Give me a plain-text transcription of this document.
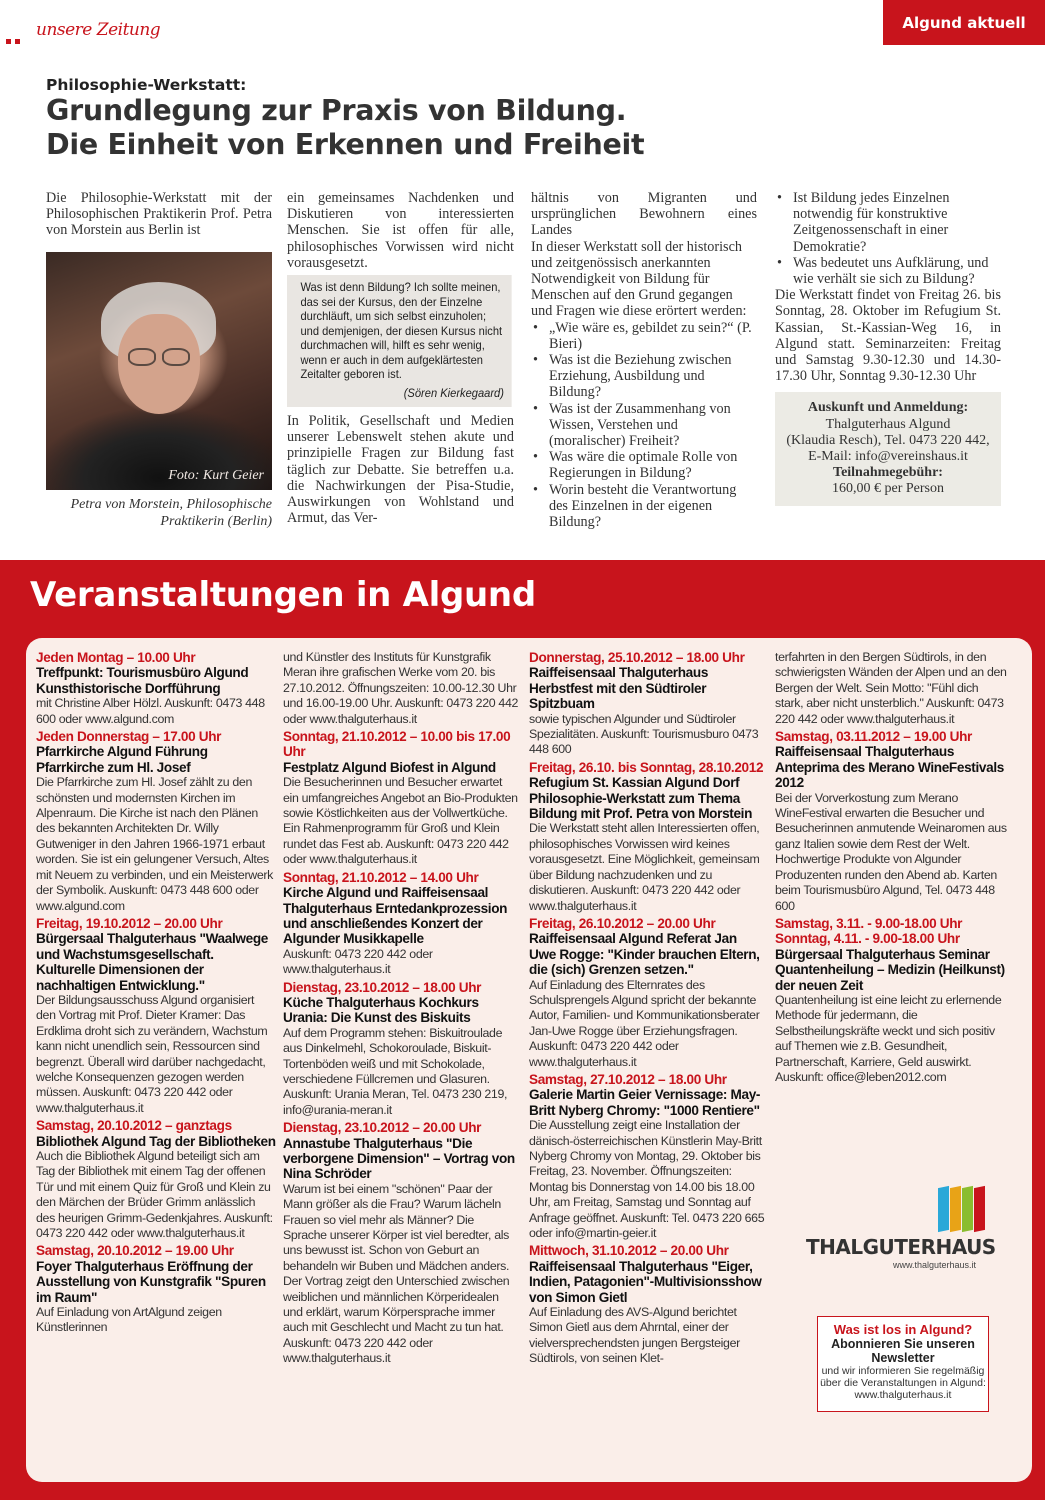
unsere Zeitung	Algund aktuell
Philosophie-Werkstatt:
Grundlegung zur Praxis von Bildung.
Die Einheit von Erkennen und Freiheit

Die Philosophie-Werkstatt mit der Philosophischen Praktikerin Prof. Petra von Morstein aus Berlin ist

Foto: Kurt Geier
Petra von Morstein, Philosophische Praktikerin (Berlin)

ein gemeinsames Nachdenken und Diskutieren von interessierten Menschen. Sie ist offen für alle, philosophisches Vorwissen wird nicht vorausgesetzt.

Was ist denn Bildung? Ich sollte meinen, das sei der Kursus, den der Einzelne durchläuft, um sich selbst einzuholen; und demjenigen, der diesen Kursus nicht durchmachen will, hilft es sehr wenig, wenn er auch in dem aufgeklärtesten Zeitalter geboren ist.
(Sören Kierkegaard)

In Politik, Gesellschaft und Medien unserer Lebenswelt stehen akute und prinzipielle Fragen zur Bildung fast täglich zur Debatte. Sie betreffen u.a. die Nachwirkungen der Pisa-Studie, Auswirkungen von Wohlstand und Armut, das Ver-

hältnis von Migranten und ursprünglichen Bewohnern eines Landes

In dieser Werkstatt soll der historisch und zeitgenössisch anerkannten Notwendigkeit von Bildung für Menschen auf den Grund gegangen und Fragen wie diese erörtert werden:

• „Wie wäre es, gebildet zu sein?“ (P. Bieri)
• Was ist die Beziehung zwischen Erziehung, Ausbildung und Bildung?
• Was ist der Zusammenhang von Wissen, Verstehen und (moralischer) Freiheit?
• Was wäre die optimale Rolle von Regierungen in Bildung?
• Worin besteht die Verantwortung des Einzelnen in der eigenen Bildung?
• Ist Bildung jedes Einzelnen notwendig für konstruktive Zeitgenossenschaft in einer Demokratie?
• Was bedeutet uns Aufklärung, und wie verhält sie sich zu Bildung?

Die Werkstatt findet von Freitag 26. bis Sonntag, 28. Oktober im Refugium St. Kassian, St.-Kassian-Weg 16, in Algund statt. Seminarzeiten: Freitag und Samstag 9.30-12.30 und 14.30-17.30 Uhr, Sonntag 9.30-12.30 Uhr

Auskunft und Anmeldung:
Thalguterhaus Algund
(Klaudia Resch), Tel. 0473 220 442,
E-Mail: info@vereinshaus.it
Teilnahmegebühr:
160,00 € per Person
Veranstaltungen in Algund
Jeden Montag – 10.00 Uhr
Treffpunkt: Tourismusbüro Algund Kunsthistorische Dorfführung
mit Christine Alber Hölzl. Auskunft: 0473 448 600 oder www.algund.com
Jeden Donnerstag – 17.00 Uhr
Pfarrkirche Algund Führung Pfarrkirche zum Hl. Josef
Die Pfarrkirche zum Hl. Josef zählt zu den schönsten und modernsten Kirchen im Alpenraum. Die Kirche ist nach den Plänen des bekannten Architekten Dr. Willy Gutweniger in den Jahren 1966-1971 erbaut worden. Sie ist ein gelungener Versuch, Altes mit Neuem zu verbinden, und ein Meisterwerk der Symbolik. Auskunft: 0473 448 600 oder www.algund.com
Freitag, 19.10.2012 – 20.00 Uhr
Bürgersaal Thalguterhaus "Waalwege und Wachstumsgesellschaft. Kulturelle Dimensionen der nachhaltigen Entwicklung."
Der Bildungsausschuss Algund organisiert den Vortrag mit Prof. Dieter Kramer: Das Erdklima droht sich zu verändern, Wachstum kann nicht unendlich sein, Ressourcen sind begrenzt. Überall wird darüber nachgedacht, welche Konsequenzen gezogen werden müssen. Auskunft: 0473 220 442 oder www.thalguterhaus.it
Samstag, 20.10.2012 – ganztags
Bibliothek Algund Tag der Bibliotheken
Auch die Bibliothek Algund beteiligt sich am Tag der Bibliothek mit einem Tag der offenen Tür und mit einem Quiz für Groß und Klein zu den Märchen der Brüder Grimm anlässlich des heurigen Grimm-Gedenkjahres. Auskunft: 0473 220 442 oder www.thalguterhaus.it
Samstag, 20.10.2012 – 19.00 Uhr
Foyer Thalguterhaus Eröffnung der Ausstellung von Kunstgrafik "Spuren im Raum"
Auf Einladung von ArtAlgund zeigen Künstlerinnen
und Künstler des Instituts für Kunstgrafik Meran ihre grafischen Werke vom 20. bis 27.10.2012. Öffnungszeiten: 10.00-12.30 Uhr und 16.00-19.00 Uhr. Auskunft: 0473 220 442 oder www.thalguterhaus.it
Sonntag, 21.10.2012 – 10.00 bis 17.00 Uhr
Festplatz Algund Biofest in Algund
Die Besucherinnen und Besucher erwartet ein umfangreiches Angebot an Bio-Produkten sowie Köstlichkeiten aus der Vollwertküche. Ein Rahmenprogramm für Groß und Klein rundet das Fest ab. Auskunft: 0473 220 442 oder www.thalguterhaus.it
Sonntag, 21.10.2012 – 14.00 Uhr
Kirche Algund und Raiffeisensaal Thalguterhaus Erntedankprozession und anschließendes Konzert der Algunder Musikkapelle
Auskunft: 0473 220 442 oder www.thalguterhaus.it
Dienstag, 23.10.2012 – 18.00 Uhr
Küche Thalguterhaus Kochkurs Urania: Die Kunst des Biskuits
Auf dem Programm stehen: Biskuitroulade aus Dinkelmehl, Schokoroulade, Biskuit-Tortenböden weiß und mit Schokolade, verschiedene Füllcremen und Glasuren. Auskunft: Urania Meran, Tel. 0473 230 219, info@urania-meran.it
Dienstag, 23.10.2012 – 20.00 Uhr
Annastube Thalguterhaus "Die verborgene Dimension" – Vortrag von Nina Schröder
Warum ist bei einem "schönen" Paar der Mann größer als die Frau? Warum lächeln Frauen so viel mehr als Männer? Die Sprache unserer Körper ist viel beredter, als uns bewusst ist. Schon von Geburt an behandeln wir Buben und Mädchen anders. Der Vortrag zeigt den Unterschied zwischen weiblichen und männlichen Körperidealen und erklärt, warum Körpersprache immer auch mit Geschlecht und Macht zu tun hat. Auskunft: 0473 220 442 oder www.thalguterhaus.it
Donnerstag, 25.10.2012 – 18.00 Uhr
Raiffeisensaal Thalguterhaus Herbstfest mit den Südtiroler Spitzbuam
sowie typischen Algunder und Südtiroler Spezialitäten. Auskunft: Tourismusburo 0473 448 600
Freitag, 26.10. bis Sonntag, 28.10.2012
Refugium St. Kassian Algund Dorf Philosophie-Werkstatt zum Thema Bildung mit Prof. Petra von Morstein
Die Werkstatt steht allen Interessierten offen, philosophisches Vorwissen wird keines vorausgesetzt. Eine Möglichkeit, gemeinsam über Bildung nachzudenken und zu diskutieren. Auskunft: 0473 220 442 oder www.thalguterhaus.it
Freitag, 26.10.2012 – 20.00 Uhr
Raiffeisensaal Algund Referat Jan Uwe Rogge: "Kinder brauchen Eltern, die (sich) Grenzen setzen."
Auf Einladung des Elternrates des Schulsprengels Algund spricht der bekannte Autor, Familien- und Kommunikationsberater Jan-Uwe Rogge über Erziehungsfragen. Auskunft: 0473 220 442 oder www.thalguterhaus.it
Samstag, 27.10.2012 – 18.00 Uhr
Galerie Martin Geier Vernissage: May-Britt Nyberg Chromy: "1000 Rentiere"
Die Ausstellung zeigt eine Installation der dänisch-österreichischen Künstlerin May-Britt Nyberg Chromy von Montag, 29. Oktober bis Freitag, 23. November. Öffnungszeiten: Montag bis Donnerstag von 14.00 bis 18.00 Uhr, am Freitag, Samstag und Sonntag auf Anfrage geöffnet. Auskunft: Tel. 0473 220 665 oder info@martin-geier.it
Mittwoch, 31.10.2012 – 20.00 Uhr
Raiffeisensaal Thalguterhaus "Eiger, Indien, Patagonien"-Multivisionsshow von Simon Gietl
Auf Einladung des AVS-Algund berichtet Simon Gietl aus dem Ahrntal, einer der vielversprechendsten jungen Bergsteiger Südtirols, von seinen Klet-
terfahrten in den Bergen Südtirols, in den schwierigsten Wänden der Alpen und an den Bergen der Welt. Sein Motto: "Fühl dich stark, aber nicht unsterblich." Auskunft: 0473 220 442 oder www.thalguterhaus.it
Samstag, 03.11.2012 – 19.00 Uhr
Raiffeisensaal Thalguterhaus Anteprima des Merano WineFestivals 2012
Bei der Vorverkostung zum Merano WineFestival erwarten die Besucher und Besucherinnen anmutende Weinaromen aus ganz Italien sowie dem Rest der Welt. Hochwertige Produkte von Algunder Produzenten runden den Abend ab. Karten beim Tourismusbüro Algund, Tel. 0473 448 600
Samstag, 3.11. - 9.00-18.00 Uhr Sonntag, 4.11. - 9.00-18.00 Uhr
Bürgersaal Thalguterhaus Seminar Quantenheilung – Medizin (Heilkunst) der neuen Zeit
Quantenheilung ist eine leicht zu erlernende Methode für jedermann, die Selbstheilungskräfte weckt und sich positiv auf Themen wie z.B. Gesundheit, Partnerschaft, Karriere, Geld auswirkt. Auskunft: office@leben2012.com
THALGUTERHAUS
www.thalguterhaus.it
Was ist los in Algund?
Abonnieren Sie unseren Newsletter
und wir informieren Sie regelmäßig über die Veranstaltungen in Algund: www.thalguterhaus.it
